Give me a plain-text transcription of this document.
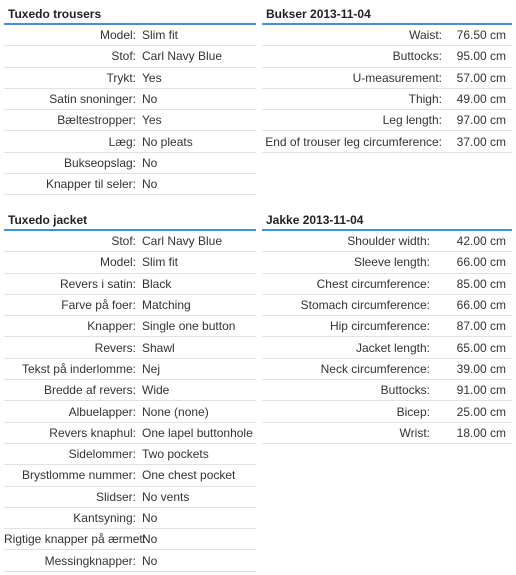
Tuxedo trousers
Model: Slim fit
Stof: Carl Navy Blue
Trykt: Yes
Satin snoninger: No
Bæltestropper: Yes
Læg: No pleats
Bukseopslag: No
Knapper til seler: No
Bukser 2013-11-04
Waist:	76.50 cm
Buttocks:	95.00 cm
U-measurement:	57.00 cm
Thigh:	49.00 cm
Leg length:	97.00 cm
End of trouser leg circumference:	37.00 cm
Tuxedo jacket
Stof: Carl Navy Blue
Model: Slim fit
Revers i satin: Black
Farve på foer: Matching
Knapper: Single one button
Revers: Shawl
Tekst på inderlomme: Nej
Bredde af revers: Wide
Albuelapper: None (none)
Revers knaphul: One lapel buttonhole
Sidelommer: Two pockets
Brystlomme nummer: One chest pocket
Slidser: No vents
Kantsyning: No
Rigtige knapper på ærmet:
No
Messingknapper: No
Jakke 2013-11-04
Shoulder width:	42.00 cm
Sleeve length:	66.00 cm
Chest circumference:	85.00 cm
Stomach circumference:	66.00 cm
Hip circumference:	87.00 cm
Jacket length:	65.00 cm
Neck circumference:	39.00 cm
Buttocks:	91.00 cm
Bicep:	25.00 cm
Wrist:	18.00 cm
